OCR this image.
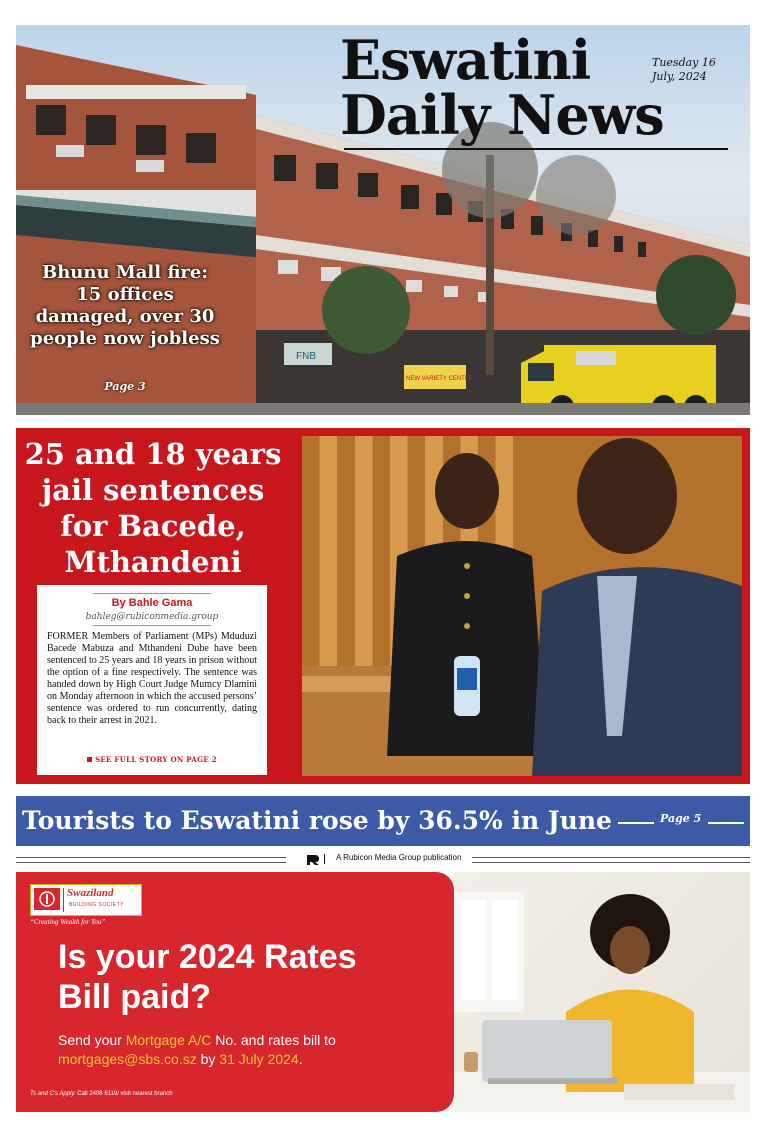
FNB
NEW VARIETY CENTRE
Eswatini
Daily News
Tuesday 16
July, 2024
Bhunu Mall fire: 15 offices damaged, over 30 people now jobless
Page 3
25 and 18 years jail sentences for Bacede, Mthandeni
By Bahle Gama
bahleg@rubiconmedia.group
FORMER Members of Parliament (MPs) Mduduzi Bacede Mabuza and Mthandeni Dube have been sentenced to 25 years and 18 years in prison without the option of a fine respectively. The sentence was handed down by High Court Judge Mumcy Dlamini on Monday afternoon in which the accused persons’ sentence was ordered to run concurrently, dating back to their arrest in 2021.
SEE FULL STORY ON PAGE 2
Tourists to Eswatini rose by 36.5% in June	Page 5
A Rubicon Media Group publication
Swaziland
BUILDING SOCIETY
“Creating Wealth for You”
Is your 2024 Rates
Bill paid?
Send your Mortgage A/C No. and rates bill to
mortgages@sbs.co.sz by 31 July 2024.
Ts and C's Apply. Call 2406 6119/ visit nearest branch
